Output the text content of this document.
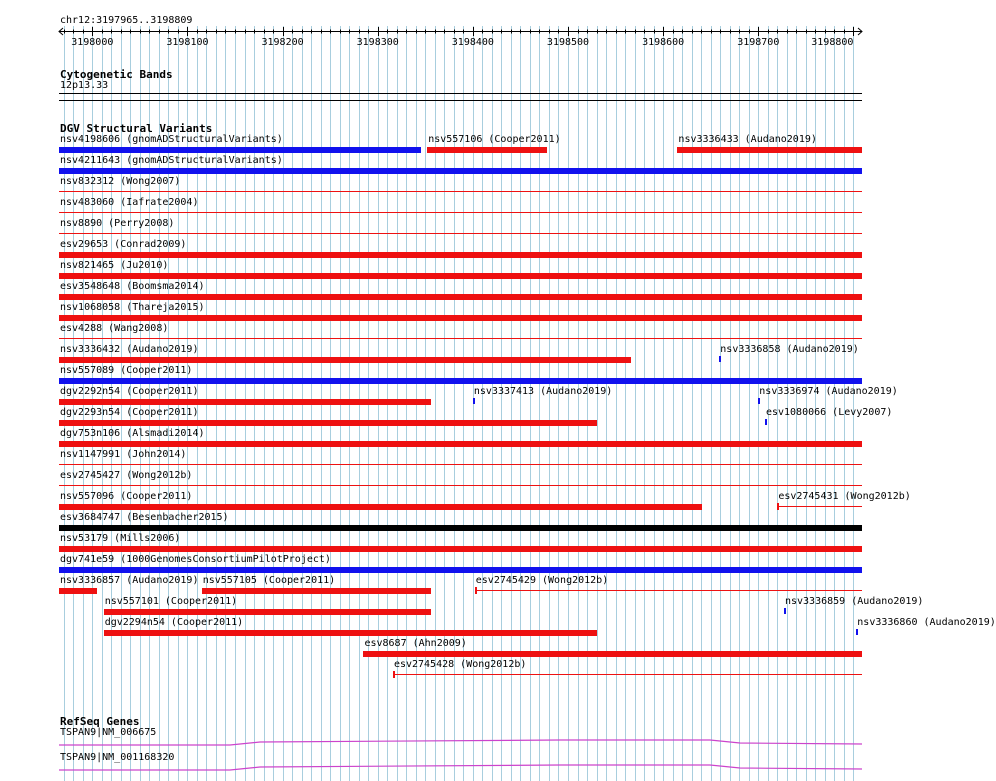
chr12:3197965..3198809
3198000	3198100	3198200	3198300	3198400	3198500	3198600	3198700	3198800
Cytogenetic Bands
12p13.33
DGV Structural Variants
nsv4198606 (gnomADStructuralVariants)	nsv557106 (Cooper2011)	nsv3336433 (Audano2019)
nsv4211643 (gnomADStructuralVariants)
nsv832312 (Wong2007)
nsv483060 (Iafrate2004)
nsv8890 (Perry2008)
esv29653 (Conrad2009)
nsv821465 (Ju2010)
esv3548648 (Boomsma2014)
nsv1068058 (Thareja2015)
esv4288 (Wang2008)
nsv3336432 (Audano2019)	nsv3336858 (Audano2019)
nsv557089 (Cooper2011)
dgv2292n54 (Cooper2011)	nsv3337413 (Audano2019)	nsv3336974 (Audano2019)
dgv2293n54 (Cooper2011)	esv1080066 (Levy2007)
dgv753n106 (Alsmadi2014)
nsv1147991 (John2014)
esv2745427 (Wong2012b)
nsv557096 (Cooper2011)	esv2745431 (Wong2012b)
esv3684747 (Besenbacher2015)
nsv53179 (Mills2006)
dgv741e59 (1000GenomesConsortiumPilotProject)
nsv3336857 (Audano2019) nsv557105 (Cooper2011)	esv2745429 (Wong2012b)
nsv557101 (Cooper2011)	nsv3336859 (Audano2019)
dgv2294n54 (Cooper2011)	nsv3336860 (Audano2019)
esv8687 (Ahn2009)
esv2745428 (Wong2012b)
RefSeq Genes
TSPAN9|NM_006675
TSPAN9|NM_001168320
